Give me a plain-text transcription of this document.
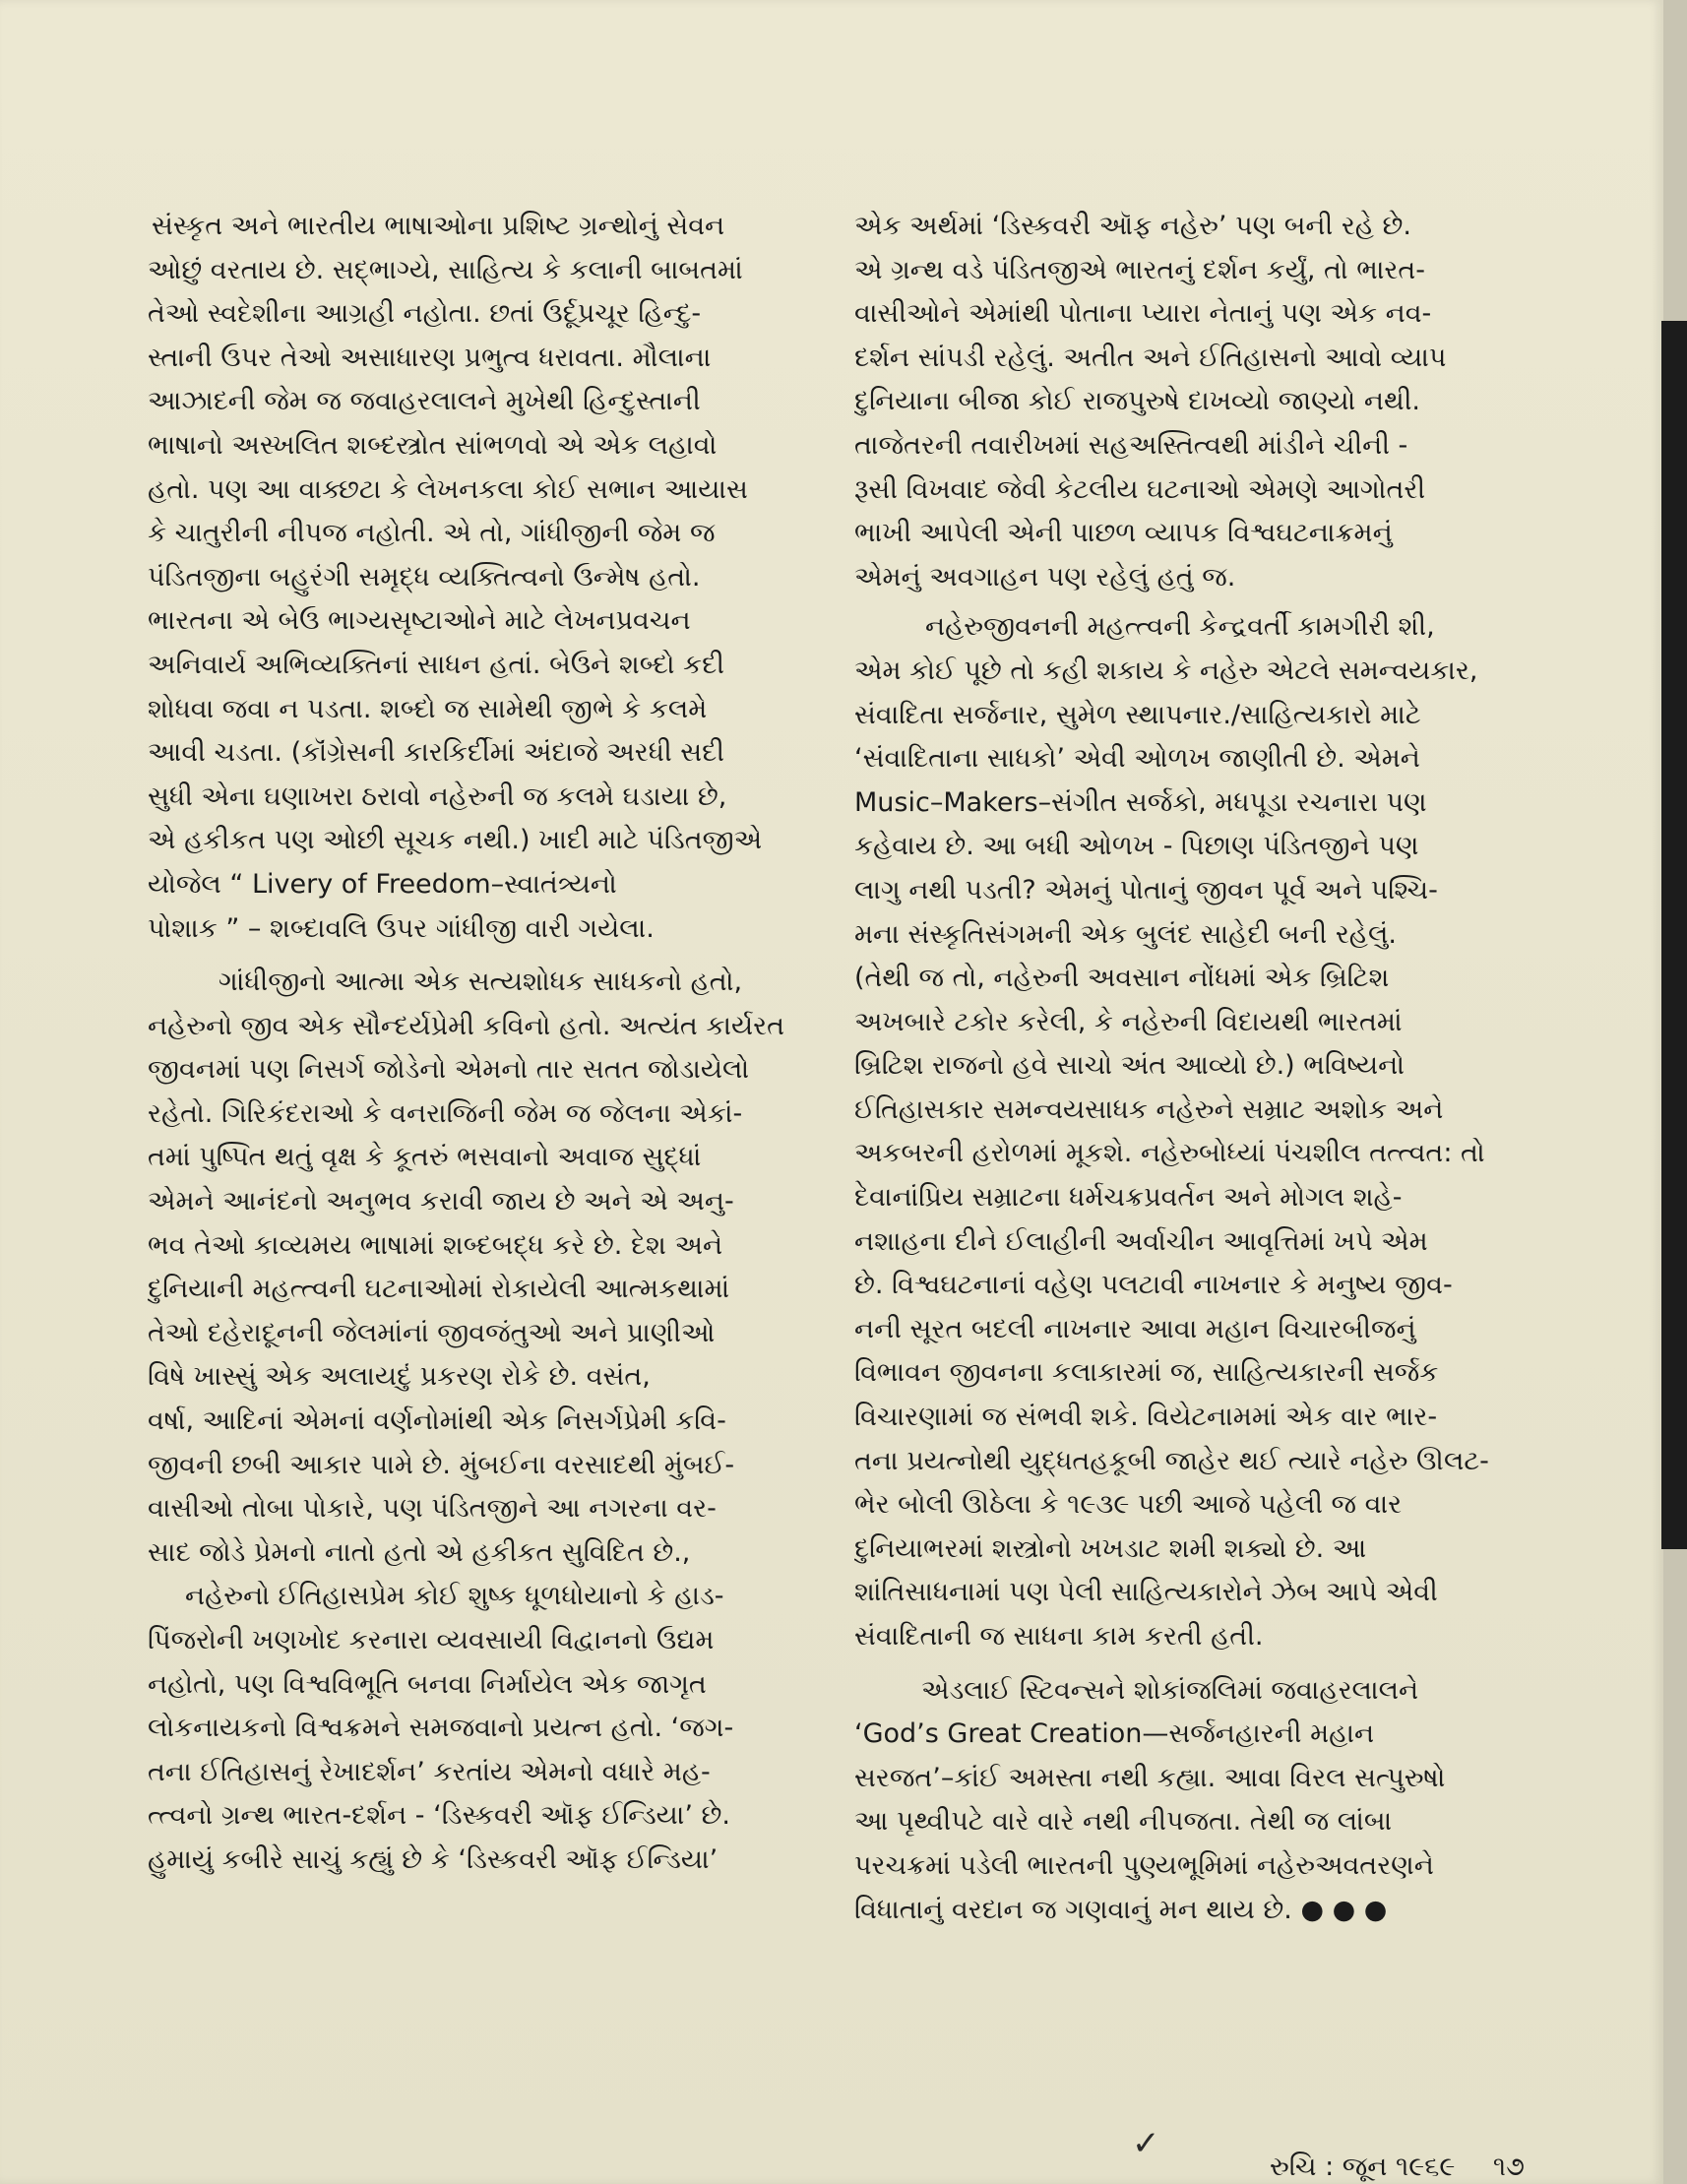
સંસ્કૃત અને ભારતીય ભાષાઓના પ્રશિષ્ટ ગ્રન્થોનું સેવન
ઓછું વરતાય છે. સદ્ભાગ્યે, સાહિત્ય કે કલાની બાબતમાં
તેઓ સ્વદેશીના આગ્રહી નહોતા. છતાં ઉર્દૂપ્રચૂર હિન્દુ-
સ્તાની ઉપર તેઓ અસાધારણ પ્રભુત્વ ધરાવતા. મૌલાના
આઝાદની જેમ જ જવાહરલાલને મુખેથી હિન્દુસ્તાની
ભાષાનો અસ્ખલિત શબ્દસ્ત્રોત સાંભળવો એ એક લહાવો
હતો. પણ આ વાક્છટા કે લેખનકલા કોઈ સભાન આયાસ
કે ચાતુરીની નીપજ નહોતી. એ તો, ગાંધીજીની જેમ જ
પંડિતજીના બહુરંગી સમૃદ્ધ વ્યક્તિત્વનો ઉન્મેષ હતો.
ભારતના એ બેઉ ભાગ્યસૃષ્ટાઓને માટે લેખનપ્રવચન
અનિવાર્ય અભિવ્યક્તિનાં સાધન હતાં. બેઉને શબ્દો કદી
શોધવા જવા ન પડતા. શબ્દો જ સામેથી જીભે કે કલમે
આવી ચડતા. (કૉંગ્રેસની કારકિર્દીમાં અંદાજે અરધી સદી
સુધી એના ઘણાખરા ઠરાવો નહેરુની જ કલમે ઘડાયા છે,
એ હકીકત પણ ઓછી સૂચક નથી.) ખાદી માટે પંડિતજીએ
યોજેલ “ Livery of Freedom–સ્વાતંત્ર્યનો
પોશાક ” – શબ્દાવલિ ઉપર ગાંધીજી વારી ગયેલા.
ગાંધીજીનો આત્મા એક સત્યશોધક સાધકનો હતો,
નહેરુનો જીવ એક સૌન્દર્યપ્રેમી કવિનો હતો. અત્યંત કાર્યરત
જીવનમાં પણ નિસર્ગ જોડેનો એમનો તાર સતત જોડાયેલો
રહેતો. ગિરિકંદરાઓ કે વનરાજિની જેમ જ જેલના એકાં-
તમાં પુષ્પિત થતું વૃક્ષ કે કૂતરું ભસવાનો અવાજ સુદ્ધાં
એમને આનંદનો અનુભવ કરાવી જાય છે અને એ અનુ-
ભવ તેઓ કાવ્યમય ભાષામાં શબ્દબદ્ધ કરે છે. દેશ અને
દુનિયાની મહત્ત્વની ઘટનાઓમાં રોકાયેલી આત્મકથામાં
તેઓ દહેરાદૂનની જેલમાંનાં જીવજંતુઓ અને પ્રાણીઓ
વિષે ખાસ્સું એક અલાયદું પ્રકરણ રોકે છે. વસંત,
વર્ષા, આદિનાં એમનાં વર્ણનોમાંથી એક નિસર્ગપ્રેમી કવિ-
જીવની છબી આકાર પામે છે. મુંબઈના વરસાદથી મુંબઈ-
વાસીઓ તોબા પોકારે, પણ પંડિતજીને આ નગરના વર-
સાદ જોડે પ્રેમનો નાતો હતો એ હકીકત સુવિદિત છે.,
નહેરુનો ઈતિહાસપ્રેમ કોઈ શુષ્ક ધૂળધોયાનો કે હાડ-
પિંજરોની ખણખોદ કરનારા વ્યવસાયી વિદ્વાનનો ઉદ્યમ
નહોતો, પણ વિશ્વવિભૂતિ બનવા નિર્માયેલ એક જાગૃત
લોકનાયકનો વિશ્વક્રમને સમજવાનો પ્રયત્ન હતો. ‘જગ-
તના ઈતિહાસનું રેખાદર્શન’ કરતાંય એમનો વધારે મહ-
ત્ત્વનો ગ્રન્થ ભારત-દર્શન - ‘ડિસ્કવરી ઑફ ઈન્ડિયા’ છે.
હુમાયું કબીરે સાચું કહ્યું છે કે ‘ડિસ્કવરી ઑફ ઈન્ડિયા’
એક અર્થમાં ‘ડિસ્કવરી ઑફ નહેરુ’ પણ બની રહે છે.
એ ગ્રન્થ વડે પંડિતજીએ ભારતનું દર્શન કર્યું, તો ભારત-
વાસીઓને એમાંથી પોતાના પ્યારા નેતાનું પણ એક નવ-
દર્શન સાંપડી રહેલું. અતીત અને ઈતિહાસનો આવો વ્યાપ
દુનિયાના બીજા કોઈ રાજપુરુષે દાખવ્યો જાણ્યો નથી.
તાજેતરની તવારીખમાં સહઅસ્તિત્વથી માંડીને ચીની -
રૂસી વિખવાદ જેવી કેટલીય ઘટનાઓ એમણે આગોતરી
ભાખી આપેલી એની પાછળ વ્યાપક વિશ્વઘટનાક્રમનું
એમનું અવગાહન પણ રહેલું હતું જ.
નહેરુજીવનની મહત્ત્વની કેન્દ્રવર્તી કામગીરી શી,
એમ કોઈ પૂછે તો કહી શકાય કે નહેરુ એટલે સમન્વયકાર,
સંવાદિતા સર્જનાર, સુમેળ સ્થાપનાર./સાહિત્યકારો માટે
‘સંવાદિતાના સાધકો’ એવી ઓળખ જાણીતી છે. એમને
Music–Makers–સંગીત સર્જકો, મધપૂડા રચનારા પણ
કહેવાય છે. આ બધી ઓળખ - પિછાણ પંડિતજીને પણ
લાગુ નથી પડતી? એમનું પોતાનું જીવન પૂર્વ અને પશ્ચિ-
મના સંસ્કૃતિસંગમની એક બુલંદ સાહેદી બની રહેલું.
(તેથી જ તો, નહેરુની અવસાન નોંધમાં એક બ્રિટિશ
અખબારે ટકોર કરેલી, કે નહેરુની વિદાયથી ભારતમાં
બ્રિટિશ રાજનો હવે સાચો અંત આવ્યો છે.) ભવિષ્યનો
ઈતિહાસકાર સમન્વયસાધક નહેરુને સમ્રાટ અશોક અને
અકબરની હરોળમાં મૂકશે. નહેરુબોધ્યાં પંચશીલ તત્ત્વત: તો
દેવાનાંપ્રિય સમ્રાટના ધર્મચક્રપ્રવર્તન અને મોગલ શહે-
નશાહના દીને ઈલાહીની અર્વાચીન આવૃત્તિમાં ખપે એમ
છે. વિશ્વઘટનાનાં વહેણ પલટાવી નાખનાર કે મનુષ્ય જીવ-
નની સૂરત બદલી નાખનાર આવા મહાન વિચારબીજનું
વિભાવન જીવનના કલાકારમાં જ, સાહિત્યકારની સર્જક
વિચારણામાં જ સંભવી શકે. વિયેટનામમાં એક વાર ભાર-
તના પ્રયત્નોથી યુદ્ધતહકૂબી જાહેર થઈ ત્યારે નહેરુ ઊલટ-
ભેર બોલી ઊઠેલા કે ૧૯૩૯ પછી આજે પહેલી જ વાર
દુનિયાભરમાં શસ્ત્રોનો ખખડાટ શમી શક્યો છે. આ
શાંતિસાધનામાં પણ પેલી સાહિત્યકારોને ઝેબ આપે એવી
સંવાદિતાની જ સાધના કામ કરતી હતી.
એડલાઈ સ્ટિવન્સને શોકાંજલિમાં જવાહરલાલને
‘God’s Great Creation—સર્જનહારની મહાન
સરજત’–કાંઈ અમસ્તા નથી કહ્યા. આવા વિરલ સત્પુરુષો
આ પૃથ્વીપટે વારે વારે નથી નીપજતા. તેથી જ લાંબા
પરચક્રમાં પડેલી ભારતની પુણ્યભૂમિમાં નહેરુઅવતરણને
વિધાતાનું વરદાન જ ગણવાનું મન થાય છે. ● ● ●
✓
રુચિ : જૂન ૧૯૬૯ ૧૭
